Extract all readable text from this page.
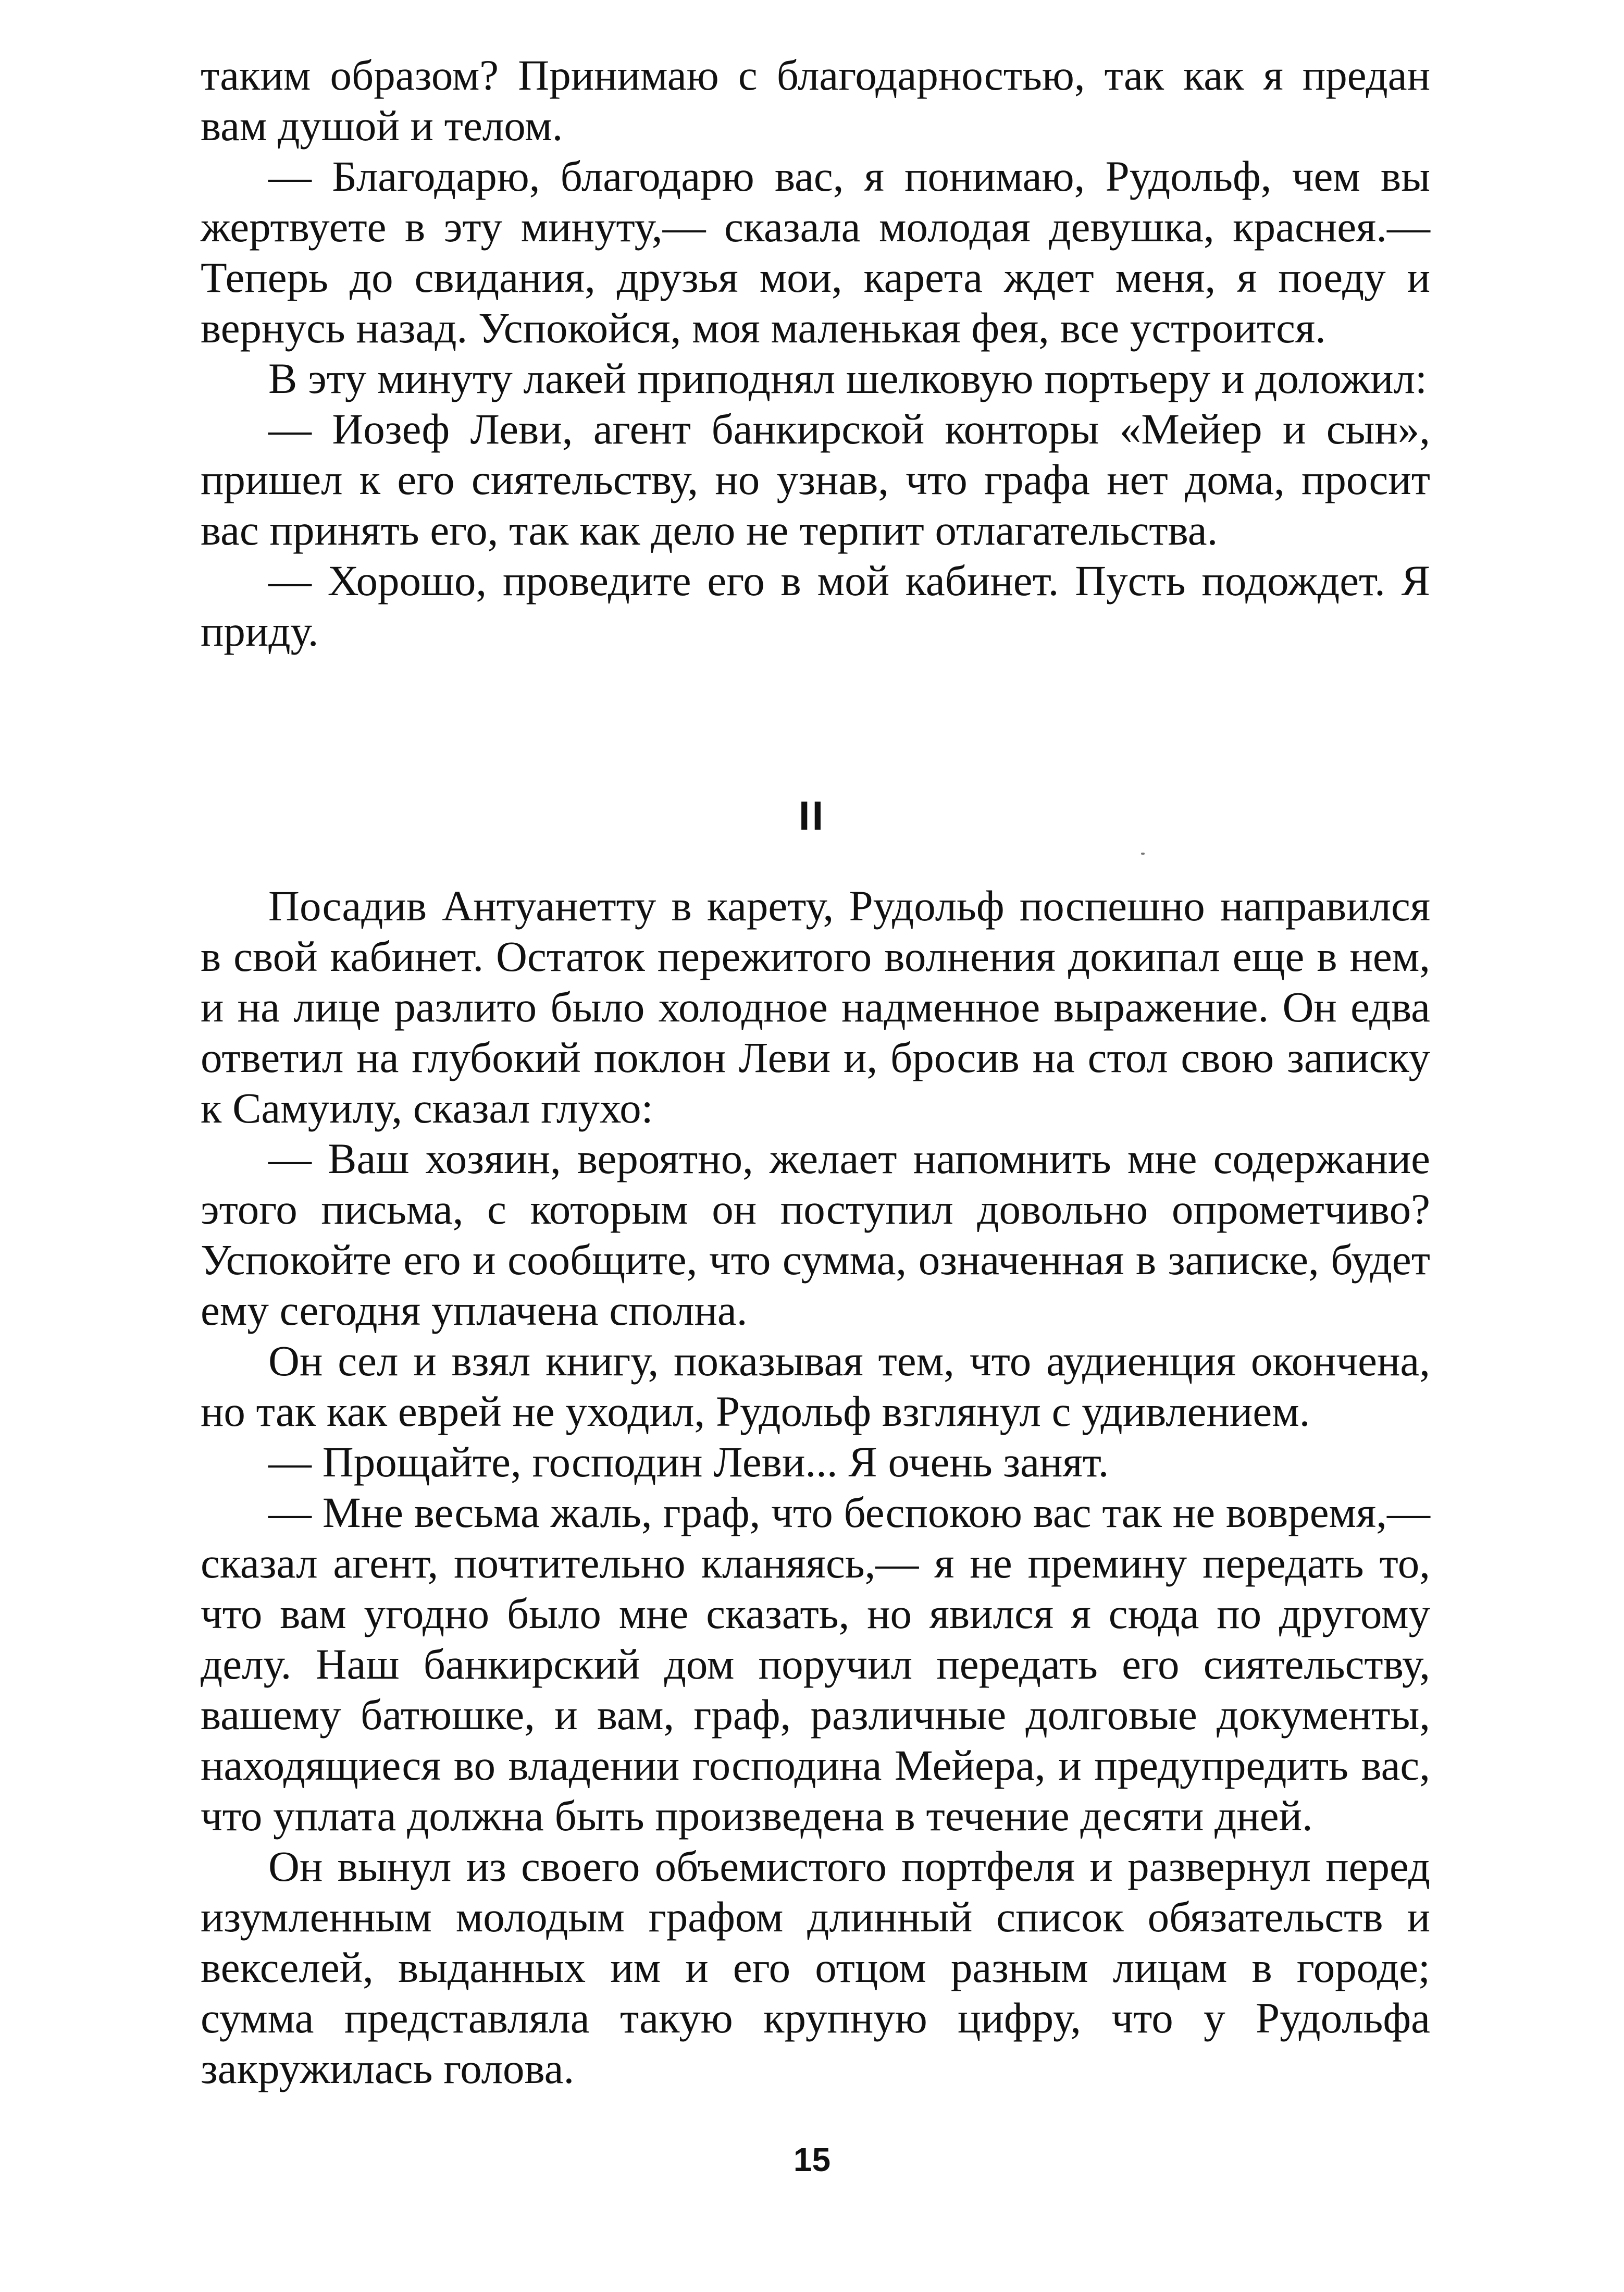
таким образом? Принимаю с благодарностью, так как я предан вам душой и телом.

— Благодарю, благодарю вас, я понимаю, Рудольф, чем вы жертвуете в эту минуту,— сказала молодая девушка, краснея.— Теперь до свидания, друзья мои, карета ждет меня, я поеду и вернусь назад. Успокойся, моя маленькая фея, все устроится.

В эту минуту лакей приподнял шелковую портьеру и доложил:

— Иозеф Леви, агент банкирской конторы «Мейер и сын», пришел к его сиятельству, но узнав, что графа нет дома, просит вас принять его, так как дело не терпит отлагательства.

— Хорошо, проведите его в мой кабинет. Пусть подождет. Я приду.

II

Посадив Антуанетту в карету, Рудольф поспешно направился в свой кабинет. Остаток пережитого волнения докипал еще в нем, и на лице разлито было холодное надменное выражение. Он едва ответил на глубокий поклон Леви и, бросив на стол свою записку к Самуилу, сказал глухо:

— Ваш хозяин, вероятно, желает напомнить мне содержание этого письма, с которым он поступил довольно опрометчиво? Успокойте его и сообщите, что сумма, означенная в записке, будет ему сегодня уплачена сполна.

Он сел и взял книгу, показывая тем, что аудиенция окончена, но так как еврей не уходил, Рудольф взглянул с удивлением.

— Прощайте, господин Леви... Я очень занят.

— Мне весьма жаль, граф, что беспокою вас так не вовремя,— сказал агент, почтительно кланяясь,— я не премину передать то, что вам угодно было мне сказать, но явился я сюда по другому делу. Наш банкирский дом поручил передать его сиятельству, вашему батюшке, и вам, граф, различные долговые документы, находящиеся во владении господина Мейера, и предупредить вас, что уплата должна быть произведена в течение десяти дней.

Он вынул из своего объемистого портфеля и развернул перед изумленным молодым графом длинный список обязательств и векселей, выданных им и его отцом разным лицам в городе; сумма представляла такую крупную цифру, что у Рудольфа закружилась голова.

15
